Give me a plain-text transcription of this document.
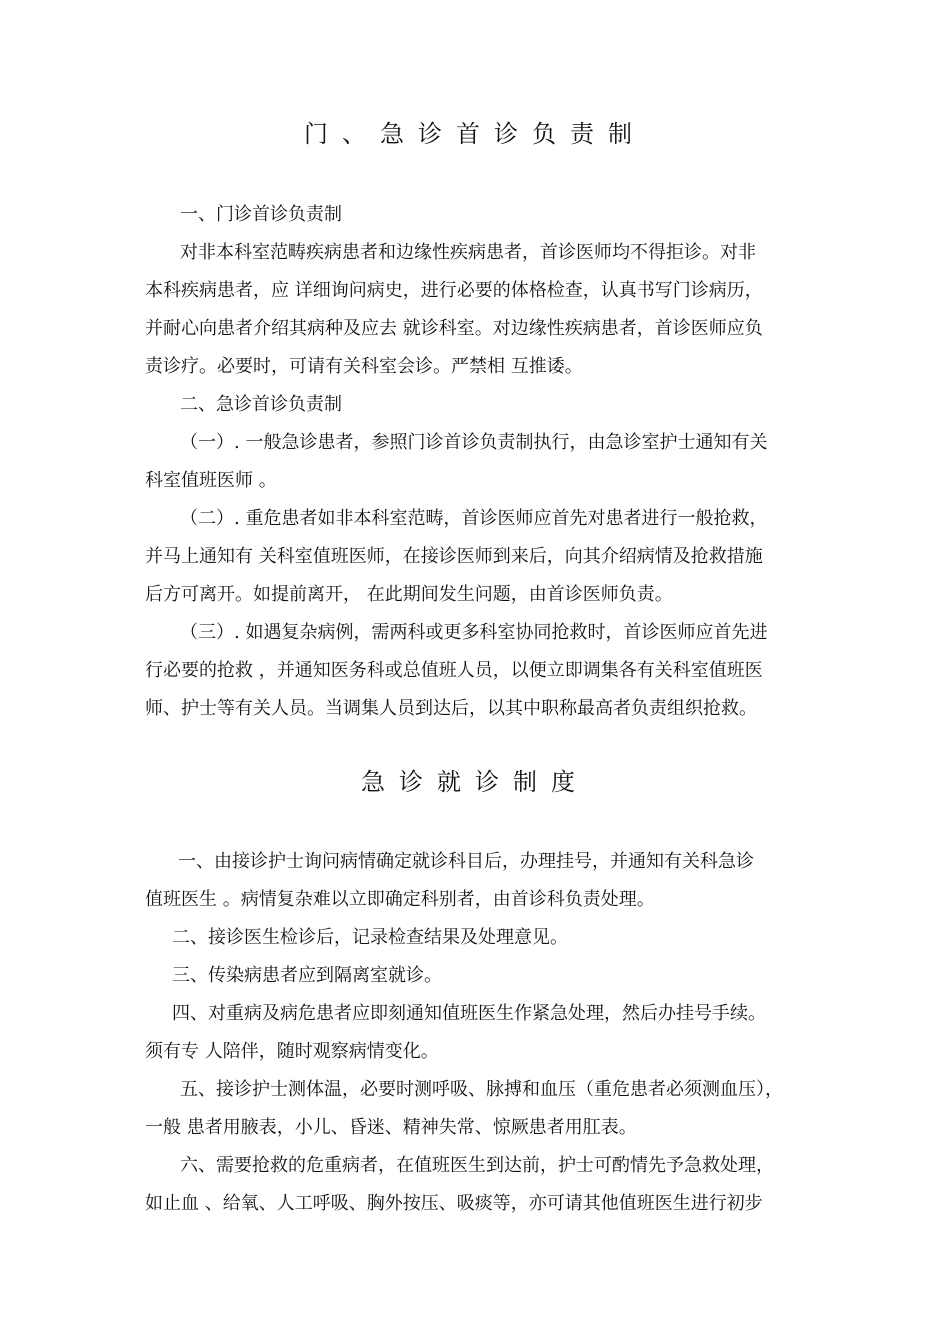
门、急诊首诊负责制

一、门诊首诊负责制

对非本科室范畴疾病患者和边缘性疾病患者，首诊医师均不得拒诊。对非

本科疾病患者，应 详细询问病史，进行必要的体格检查，认真书写门诊病历，

并耐心向患者介绍其病种及应去 就诊科室。对边缘性疾病患者，首诊医师应负

责诊疗。必要时，可请有关科室会诊。严禁相 互推诿。

二、急诊首诊负责制

（一）. 一般急诊患者，参照门诊首诊负责制执行，由急诊室护士通知有关

科室值班医师 。

（二）. 重危患者如非本科室范畴，首诊医师应首先对患者进行一般抢救，

并马上通知有 关科室值班医师，在接诊医师到来后，向其介绍病情及抢救措施

后方可离开。如提前离开， 在此期间发生问题，由首诊医师负责。

（三）. 如遇复杂病例，需两科或更多科室协同抢救时，首诊医师应首先进

行必要的抢救 ，并通知医务科或总值班人员，以便立即调集各有关科室值班医

师、护士等有关人员。当调集人员到达后，以其中职称最高者负责组织抢救。

急诊就诊制度

一、由接诊护士询问病情确定就诊科目后，办理挂号，并通知有关科急诊

值班医生 。病情复杂难以立即确定科别者，由首诊科负责处理。

二、接诊医生检诊后，记录检查结果及处理意见。

三、传染病患者应到隔离室就诊。

四、对重病及病危患者应即刻通知值班医生作紧急处理，然后办挂号手续。

须有专 人陪伴，随时观察病情变化。

五、接诊护士测体温，必要时测呼吸、脉搏和血压（重危患者必须测血压），

一般 患者用腋表，小儿、昏迷、精神失常、惊厥患者用肛表。

六、需要抢救的危重病者，在值班医生到达前，护士可酌情先予急救处理，

如止血 、给氧、人工呼吸、胸外按压、吸痰等，亦可请其他值班医生进行初步
